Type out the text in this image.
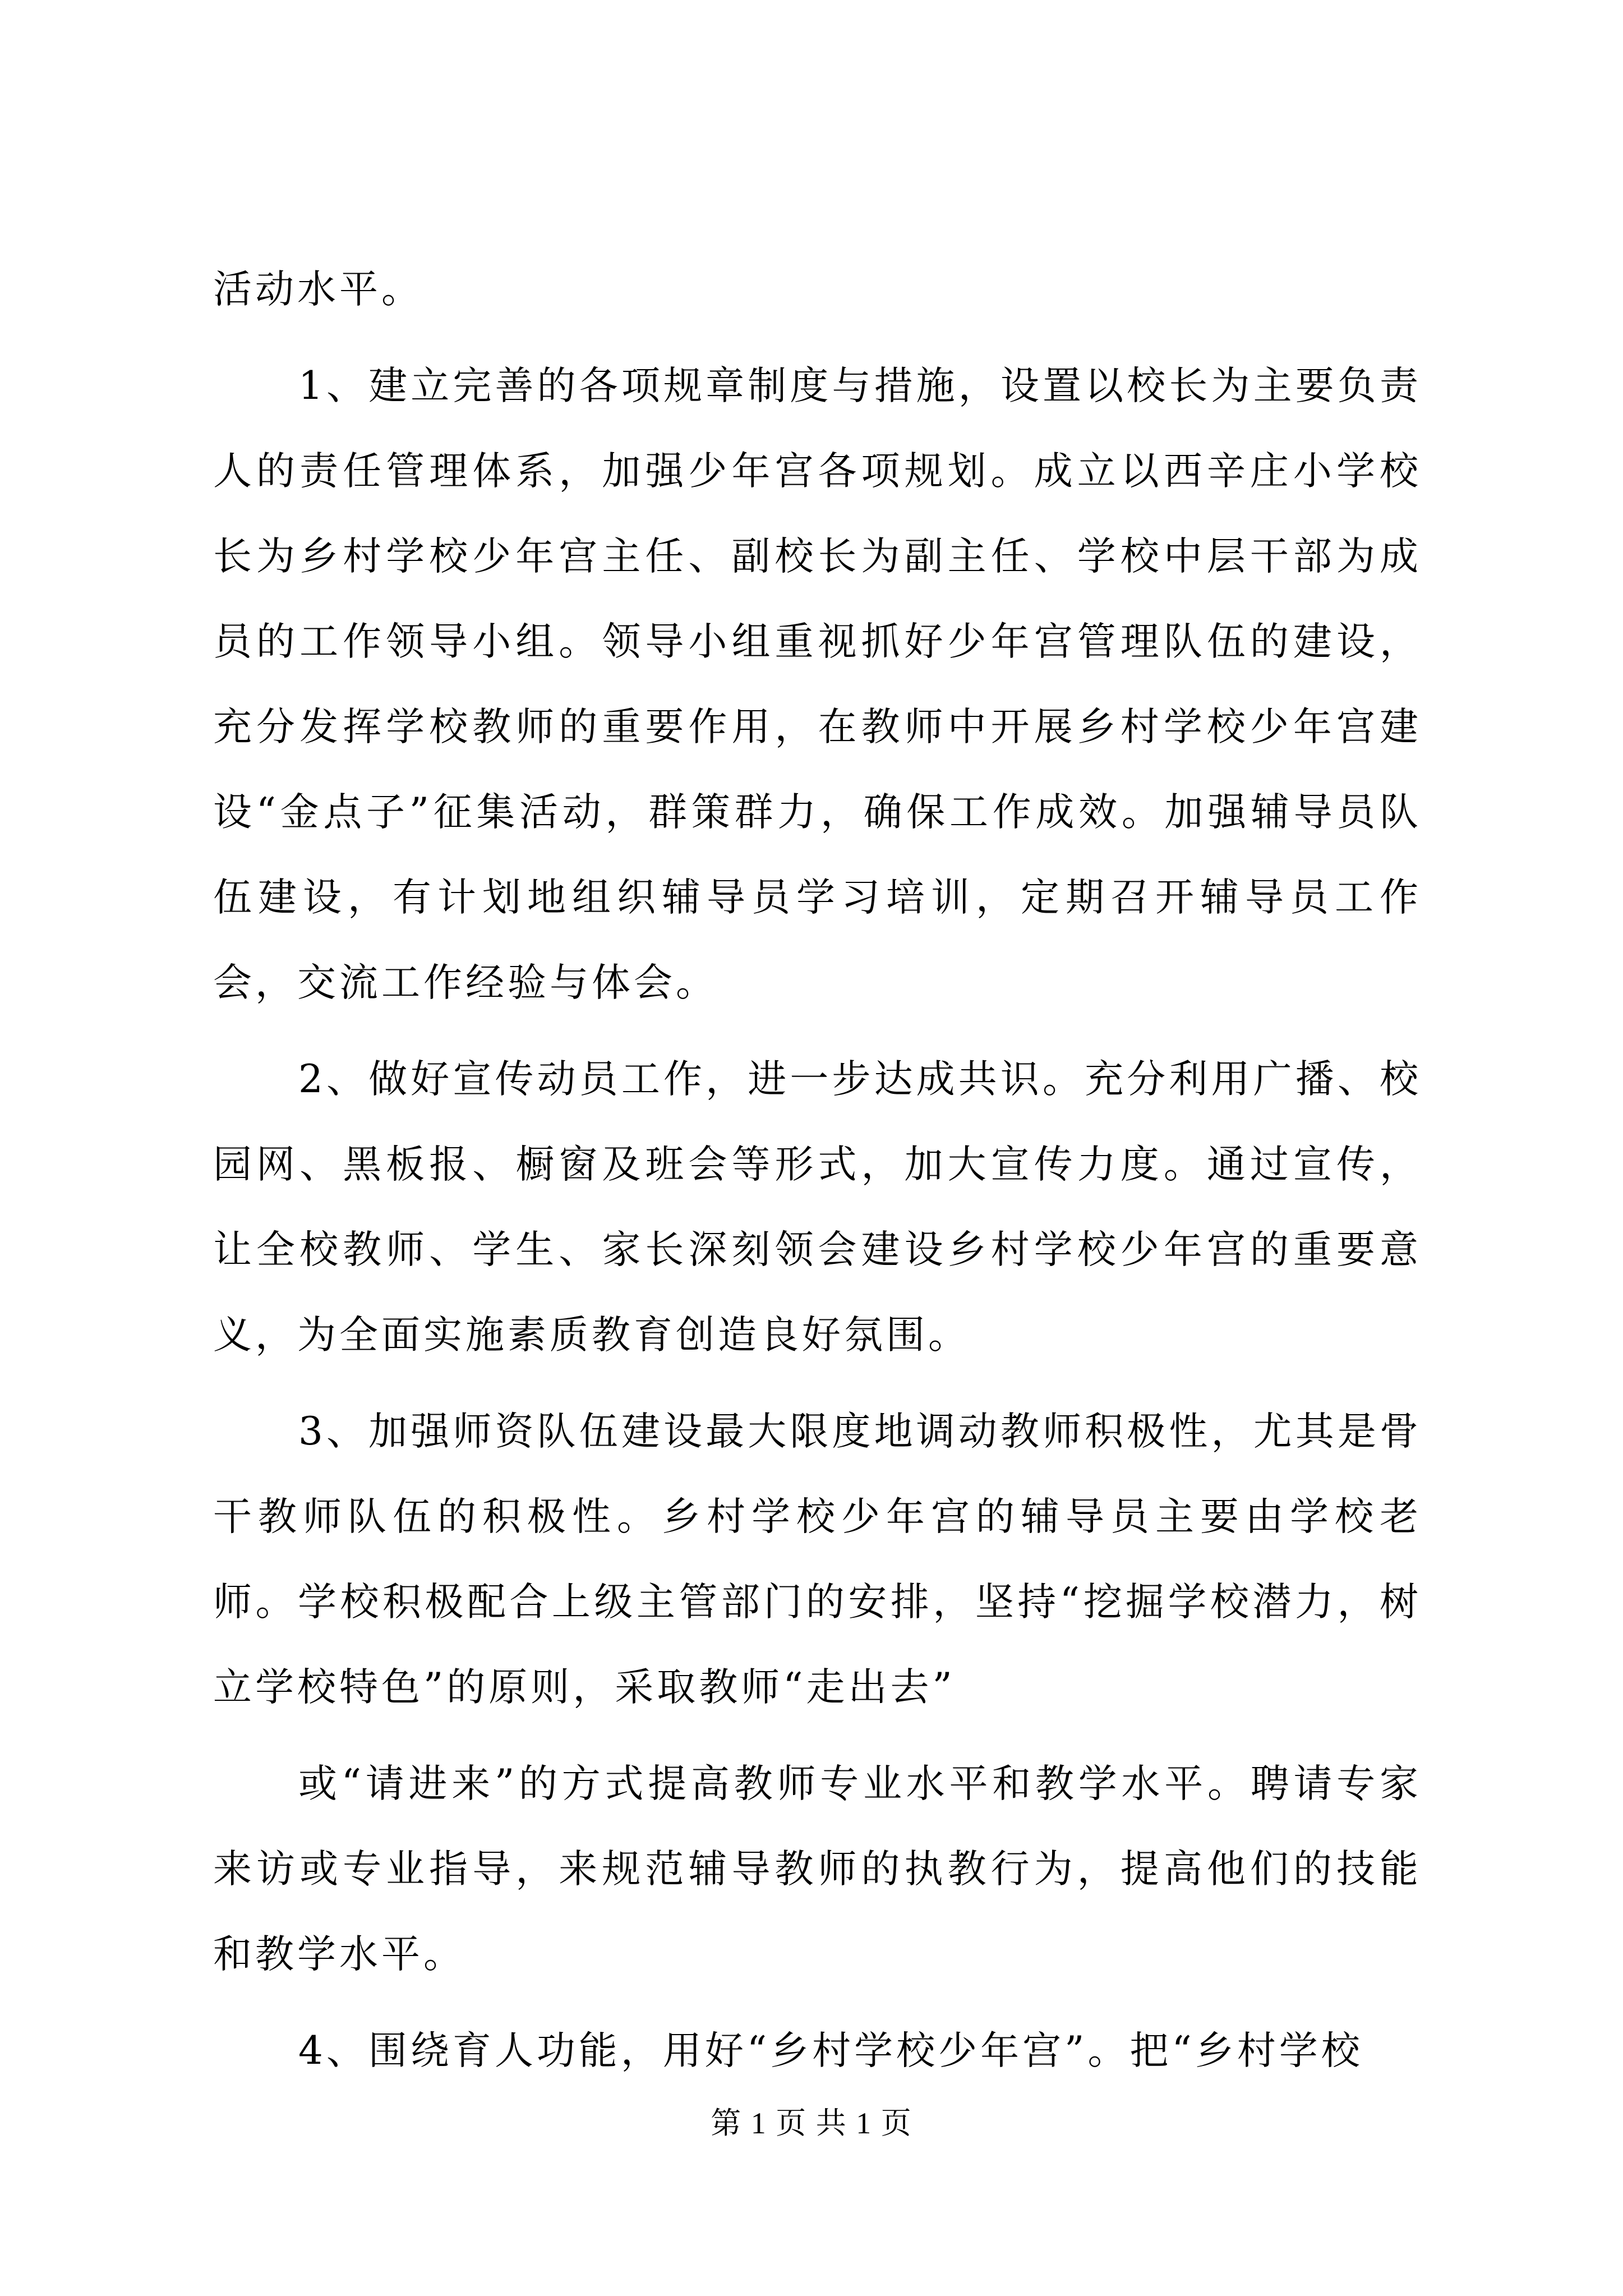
活动水平。

1、建立完善的各项规章制度与措施，设置以校长为主要负责人的责任管理体系，加强少年宫各项规划。成立以西辛庄小学校长为乡村学校少年宫主任、副校长为副主任、学校中层干部为成员的工作领导小组。领导小组重视抓好少年宫管理队伍的建设，充分发挥学校教师的重要作用，在教师中开展乡村学校少年宫建设“金点子”征集活动，群策群力，确保工作成效。加强辅导员队伍建设，有计划地组织辅导员学习培训，定期召开辅导员工作会，交流工作经验与体会。

2、做好宣传动员工作，进一步达成共识。充分利用广播、校园网、黑板报、橱窗及班会等形式，加大宣传力度。通过宣传，让全校教师、学生、家长深刻领会建设乡村学校少年宫的重要意义，为全面实施素质教育创造良好氛围。

3、加强师资队伍建设最大限度地调动教师积极性，尤其是骨干教师队伍的积极性。乡村学校少年宫的辅导员主要由学校老师。学校积极配合上级主管部门的安排，坚持“挖掘学校潜力，树立学校特色”的原则，采取教师“走出去”

或“请进来”的方式提高教师专业水平和教学水平。聘请专家来访或专业指导，来规范辅导教师的执教行为，提高他们的技能和教学水平。

4、围绕育人功能，用好“乡村学校少年宫”。把“乡村学校

第 1 页 共 1 页
